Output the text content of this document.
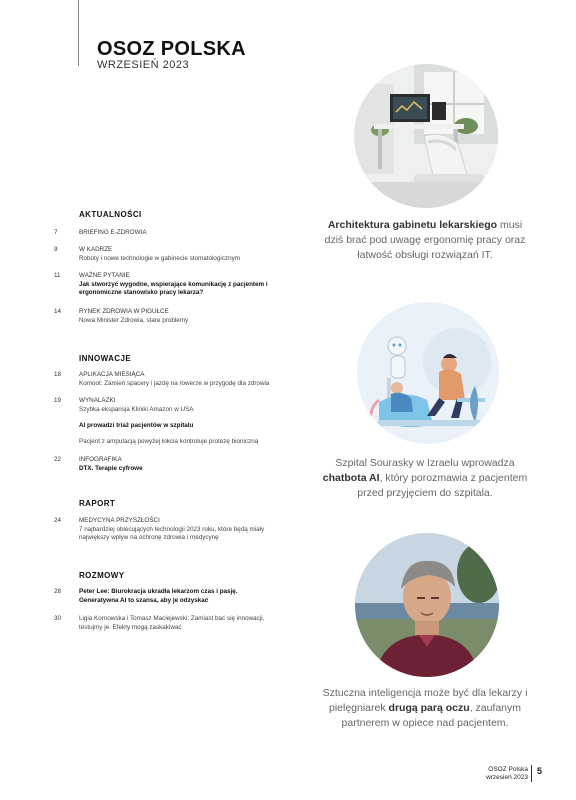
OSOZ POLSKA
WRZESIEŃ 2023
AKTUALNOŚCI
7	BRIEFING E-ZDROWIA
9	W KADRZE
Roboty i nowe technologie w gabinecie stomatologicznym
11	WAŻNE PYTANIE
Jak stworzyć wygodne, wspierające komunikację z pacjentem i ergonomiczne stanowisko pracy lekarza?
14	RYNEK ZDROWIA W PIGUŁCE
Nowa Minister Zdrowia, stare problemy
INNOWACJE
18	APLIKACJA MIESIĄCA
Komoot: Zamień spacery i jazdę na rowerze w przygodę dla zdrowia
19	WYNALAZKI
Szybka ekspansja Kliniki Amazon w USA
AI prowadzi triaż pacjentów w szpitalu
Pacjent z amputacją powyżej łokcia kontroluje protezę bioniczną
22	INFOGRAFIKA
DTX. Terapie cyfrowe
RAPORT
24	MEDYCYNA PRZYSZŁOŚCI
7 najbardziej obiecujących technologii 2023 roku, które będą miały największy wpływ na ochronę zdrowia i medycynę
ROZMOWY
28	Peter Lee: Biurokracja ukradła lekarzom czas i pasję. Generatywna AI to szansa, aby je odzyskać
30	Ligia Kornowska i Tomasz Maciejewski: Zamiast bać się innowacji, testujmy je. Efekty mogą zaskakiwać
Architektura gabinetu lekarskiego musi dziś brać pod uwagę ergonomię pracy oraz łatwość obsługi rozwiązań IT.
Szpital Sourasky w Izraelu wprowadza chatbota AI, który porozmawia z pacjentem przed przyjęciem do szpitala.
Sztuczna inteligencja może być dla lekarzy i pielęgniarek drugą parą oczu, zaufanym partnerem w opiece nad pacjentem.
OSOZ Polska
wrzesień 2023
5
